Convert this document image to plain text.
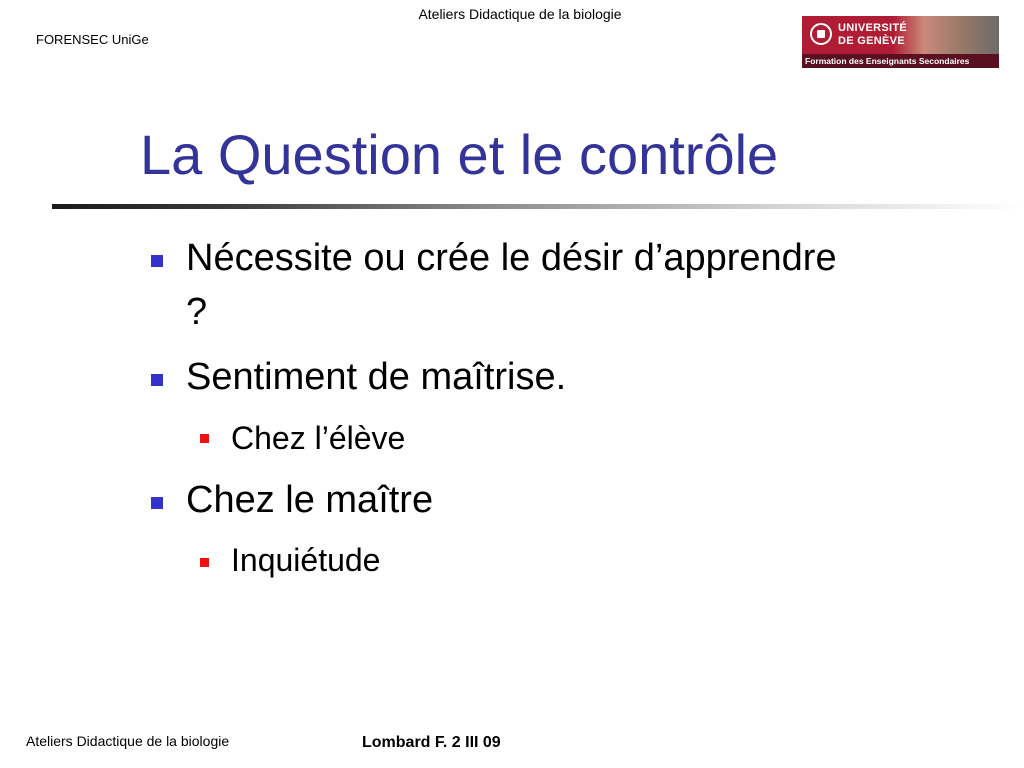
Ateliers Didactique de la biologie
FORENSEC UniGe
UNIVERSITÉ
DE GENÈVE
Formation des Enseignants Secondaires
La Question et le contrôle
Nécessite ou crée le désir d’apprendre
?
Sentiment de maîtrise.
Chez l’élève
Chez le maître
Inquiétude
Ateliers Didactique de la biologie	Lombard F. 2 III 09
